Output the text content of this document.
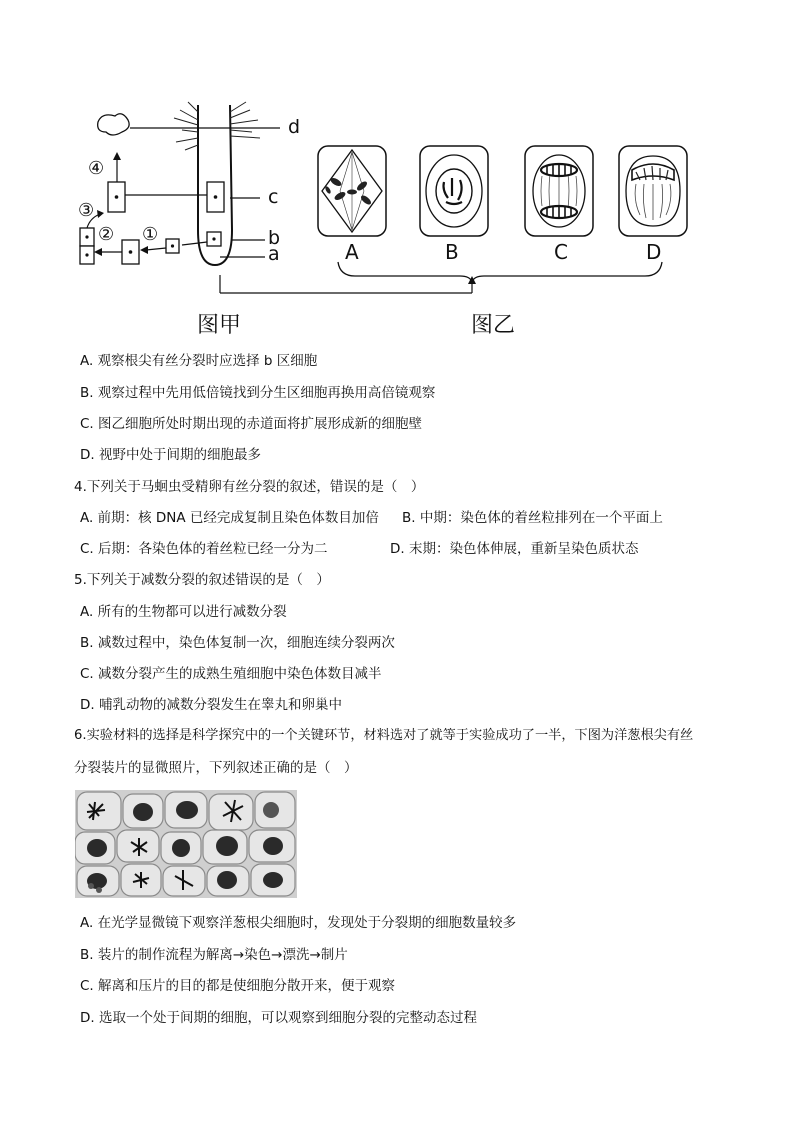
d
c
b
a
④
③
② ①
A	B	C	D
图甲	图乙
A. 观察根尖有丝分裂时应选择 b 区细胞
B. 观察过程中先用低倍镜找到分生区细胞再换用高倍镜观察
C. 图乙细胞所处时期出现的赤道面将扩展形成新的细胞壁
D. 视野中处于间期的细胞最多
4.下列关于马蛔虫受精卵有丝分裂的叙述，错误的是（　）
A. 前期：核 DNA 已经完成复制且染色体数目加倍 B. 中期：染色体的着丝粒排列在一个平面上
C. 后期：各染色体的着丝粒已经一分为二	D. 末期：染色体伸展，重新呈染色质状态
5.下列关于减数分裂的叙述错误的是（　）
A. 所有的生物都可以进行减数分裂
B. 减数过程中，染色体复制一次，细胞连续分裂两次
C. 减数分裂产生的成熟生殖细胞中染色体数目减半
D. 哺乳动物的减数分裂发生在睾丸和卵巢中
6.实验材料的选择是科学探究中的一个关键环节，材料选对了就等于实验成功了一半，下图为洋葱根尖有丝
分裂装片的显微照片，下列叙述正确的是（　）
A. 在光学显微镜下观察洋葱根尖细胞时，发现处于分裂期的细胞数量较多
B. 装片的制作流程为解离→染色→漂洗→制片
C. 解离和压片的目的都是使细胞分散开来，便于观察
D. 选取一个处于间期的细胞，可以观察到细胞分裂的完整动态过程
